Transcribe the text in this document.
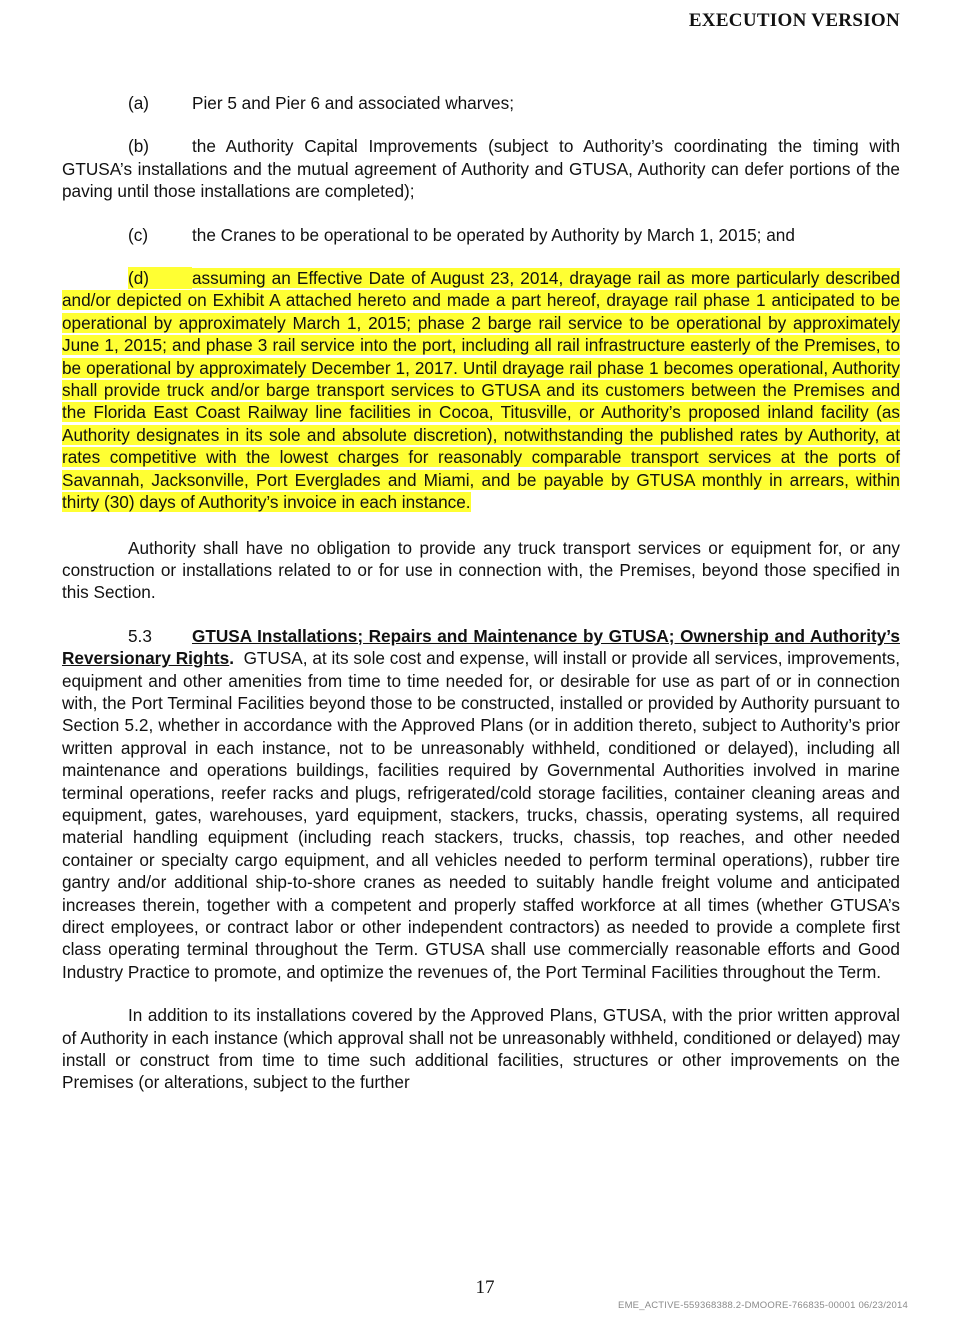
EXECUTION VERSION

(a) Pier 5 and Pier 6 and associated wharves;

(b) the Authority Capital Improvements (subject to Authority’s coordinating the timing with GTUSA’s installations and the mutual agreement of Authority and GTUSA, Authority can defer portions of the paving until those installations are completed);

(c)	the Cranes to be operational to be operated by Authority by March 1, 2015; and

(d) assuming an Effective Date of August 23, 2014, drayage rail as more particularly described and/or depicted on Exhibit A attached hereto and made a part hereof, drayage rail phase 1 anticipated to be operational by approximately March 1, 2015; phase 2 barge rail service to be operational by approximately June 1, 2015; and phase 3 rail service into the port, including all rail infrastructure easterly of the Premises, to be operational by approximately December 1, 2017. Until drayage rail phase 1 becomes operational, Authority shall provide truck and/or barge transport services to GTUSA and its customers between the Premises and the Florida East Coast Railway line facilities in Cocoa, Titusville, or Authority’s proposed inland facility (as Authority designates in its sole and absolute discretion), notwithstanding the published rates by Authority, at rates competitive with the lowest charges for reasonably comparable transport services at the ports of Savannah, Jacksonville, Port Everglades and Miami, and be payable by GTUSA monthly in arrears, within thirty (30) days of Authority’s invoice in each instance.

Authority shall have no obligation to provide any truck transport services or equipment for, or any construction or installations related to or for use in connection with, the Premises, beyond those specified in this Section.

5.3 GTUSA Installations; Repairs and Maintenance by GTUSA; Ownership and Authority’s Reversionary Rights. GTUSA, at its sole cost and expense, will install or provide all services, improvements, equipment and other amenities from time to time needed for, or desirable for use as part of or in connection with, the Port Terminal Facilities beyond those to be constructed, installed or provided by Authority pursuant to Section 5.2, whether in accordance with the Approved Plans (or in addition thereto, subject to Authority’s prior written approval in each instance, not to be unreasonably withheld, conditioned or delayed), including all maintenance and operations buildings, facilities required by Governmental Authorities involved in marine terminal operations, reefer racks and plugs, refrigerated/cold storage facilities, container cleaning areas and equipment, gates, warehouses, yard equipment, stackers, trucks, chassis, operating systems, all required material handling equipment (including reach stackers, trucks, chassis, top reaches, and other needed container or specialty cargo equipment, and all vehicles needed to perform terminal operations), rubber tire gantry and/or additional ship-to-shore cranes as needed to suitably handle freight volume and anticipated increases therein, together with a competent and properly staffed workforce at all times (whether GTUSA’s direct employees, or contract labor or other independent contractors) as needed to provide a complete first class operating terminal throughout the Term. GTUSA shall use commercially reasonable efforts and Good Industry Practice to promote, and optimize the revenues of, the Port Terminal Facilities throughout the Term.

In addition to its installations covered by the Approved Plans, GTUSA, with the prior written approval of Authority in each instance (which approval shall not be unreasonably withheld, conditioned or delayed) may install or construct from time to time such additional facilities, structures or other improvements on the Premises (or alterations, subject to the further

17
EME_ACTIVE-559368388.2-DMOORE-766835-00001 06/23/2014
